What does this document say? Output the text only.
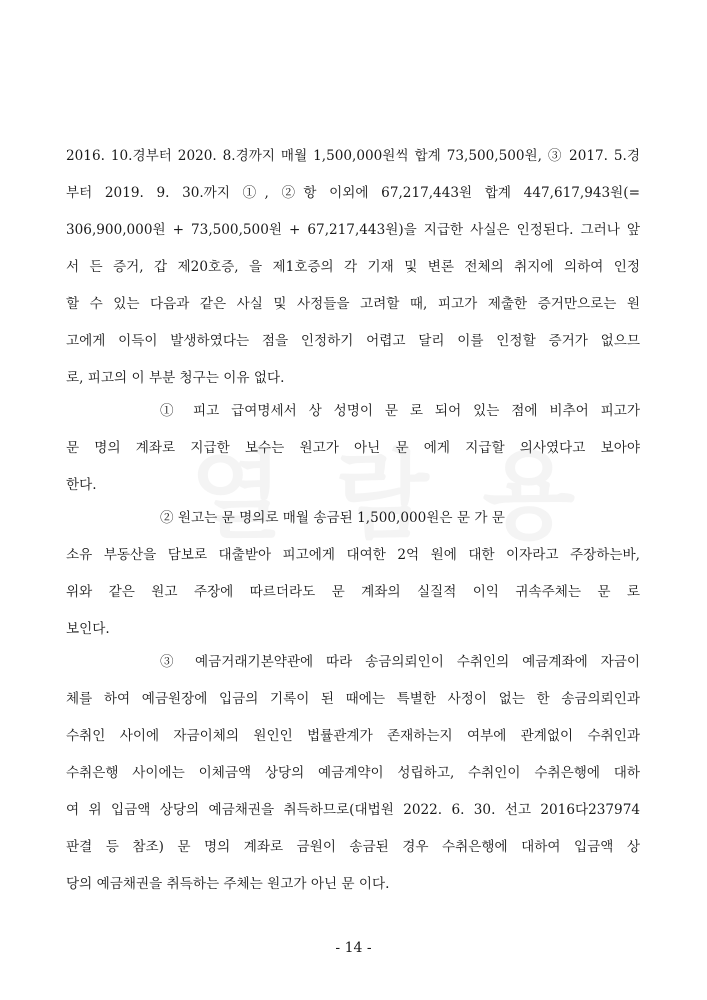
2016. 10.경부터 2020. 8.경까지 매월 1,500,000원씩 합계 73,500,500원, ③ 2017. 5.경
부터 2019. 9. 30.까지 ①, ②항 이외에 67,217,443원 합계 447,617,943원(=
306,900,000원 + 73,500,500원 + 67,217,443원)을 지급한 사실은 인정된다. 그러나 앞
서 든 증거, 갑 제20호증, 을 제1호증의 각 기재 및 변론 전체의 취지에 의하여 인정
할 수 있는 다음과 같은 사실 및 사정들을 고려할 때, 피고가 제출한 증거만으로는 원
고에게 이득이 발생하였다는 점을 인정하기 어렵고 달리 이를 인정할 증거가 없으므
로, 피고의 이 부분 청구는 이유 없다.
① 피고 급여명세서 상 성명이 문 로 되어 있는 점에 비추어 피고가
문 명의 계좌로 지급한 보수는 원고가 아닌 문 에게 지급할 의사였다고 보아야
한다.
② 원고는 문 명의로 매월 송금된 1,500,000원은 문 가 문
소유 부동산을 담보로 대출받아 피고에게 대여한 2억 원에 대한 이자라고 주장하는바,
위와 같은 원고 주장에 따르더라도 문 계좌의 실질적 이익 귀속주체는 문 로
보인다.
③ 예금거래기본약관에 따라 송금의뢰인이 수취인의 예금계좌에 자금이
체를 하여 예금원장에 입금의 기록이 된 때에는 특별한 사정이 없는 한 송금의뢰인과
수취인 사이에 자금이체의 원인인 법률관계가 존재하는지 여부에 관계없이 수취인과
수취은행 사이에는 이체금액 상당의 예금계약이 성립하고, 수취인이 수취은행에 대하
여 위 입금액 상당의 예금채권을 취득하므로(대법원 2022. 6. 30. 선고 2016다237974
판결 등 참조) 문 명의 계좌로 금원이 송금된 경우 수취은행에 대하여 입금액 상
당의 예금채권을 취득하는 주체는 원고가 아닌 문 이다.
- 14 -
